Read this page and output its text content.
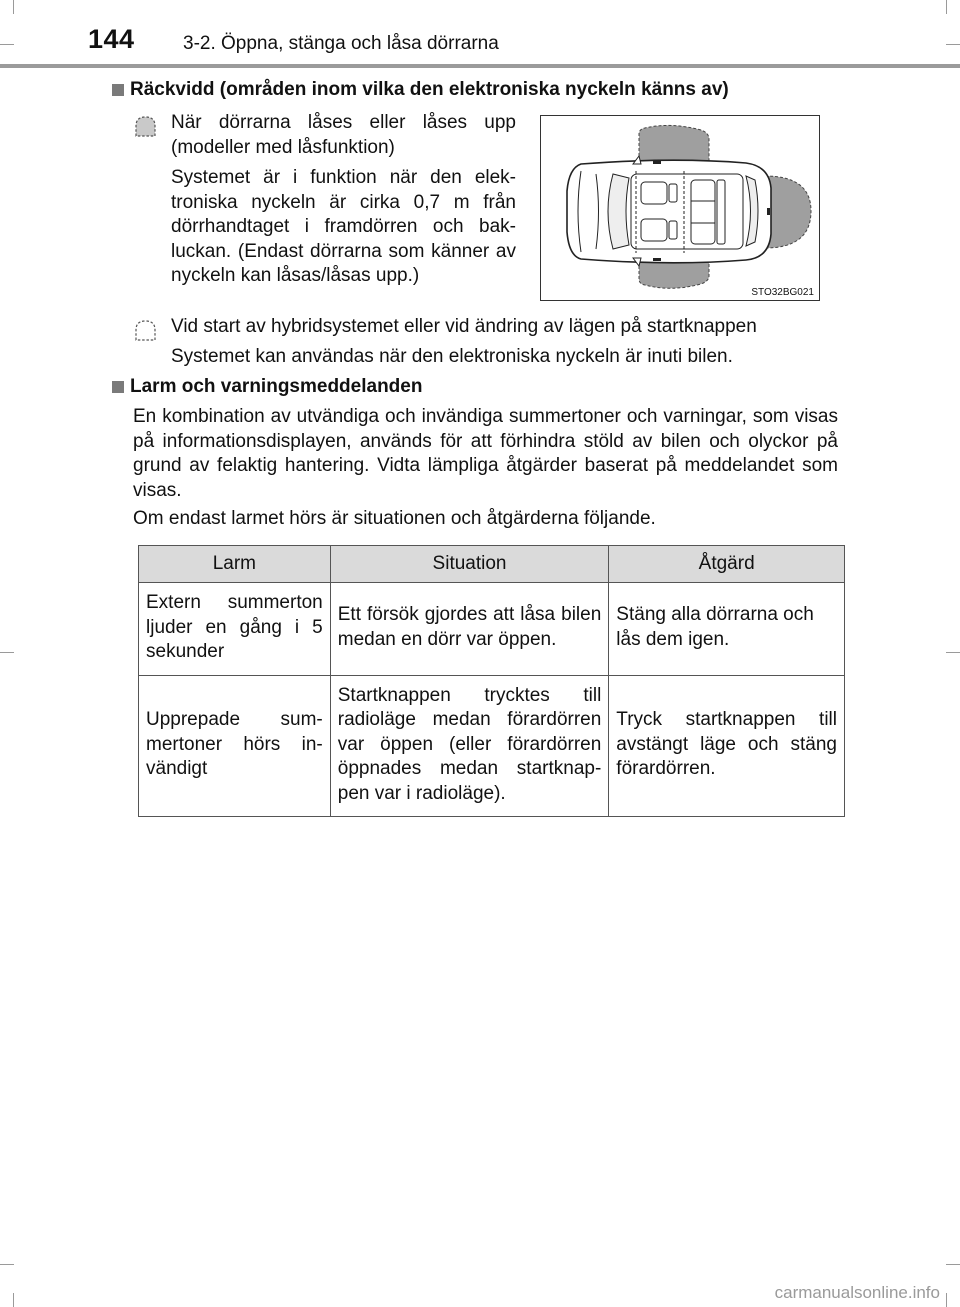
144	3-2. Öppna, stänga och låsa dörrarna
Räckvidd (områden inom vilka den elektroniska nyckeln känns av)
När dörrarna låses eller låses upp (modeller med låsfunktion)
Systemet är i funktion när den elek-troniska nyckeln är cirka 0,7 m från dörrhandtaget i framdörren och bak-luckan. (Endast dörrarna som känner av nyckeln kan låsas/låsas upp.)
STO32BG021
Vid start av hybridsystemet eller vid ändring av lägen på startknappen
Systemet kan användas när den elektroniska nyckeln är inuti bilen.
Larm och varningsmeddelanden
En kombination av utvändiga och invändiga summertoner och varningar, som visas på informationsdisplayen, används för att förhindra stöld av bilen och olyckor på grund av felaktig hantering. Vidta lämpliga åtgärder baserat på meddelandet som visas.
Om endast larmet hörs är situationen och åtgärderna följande.
Larm	Situation	Åtgärd
Extern summerton ljuder en gång i 5 sekunder	Ett försök gjordes att låsa bilen medan en dörr var öppen.	Stäng alla dörrarna och lås dem igen.
Upprepade sum-mertoner hörs in-vändigt	Startknappen trycktes till radioläge medan förardörren var öppen (eller förardörren öppnades medan startknap-pen var i radioläge).	Tryck startknappen till avstängt läge och stäng förardörren.
carmanualsonline.info
